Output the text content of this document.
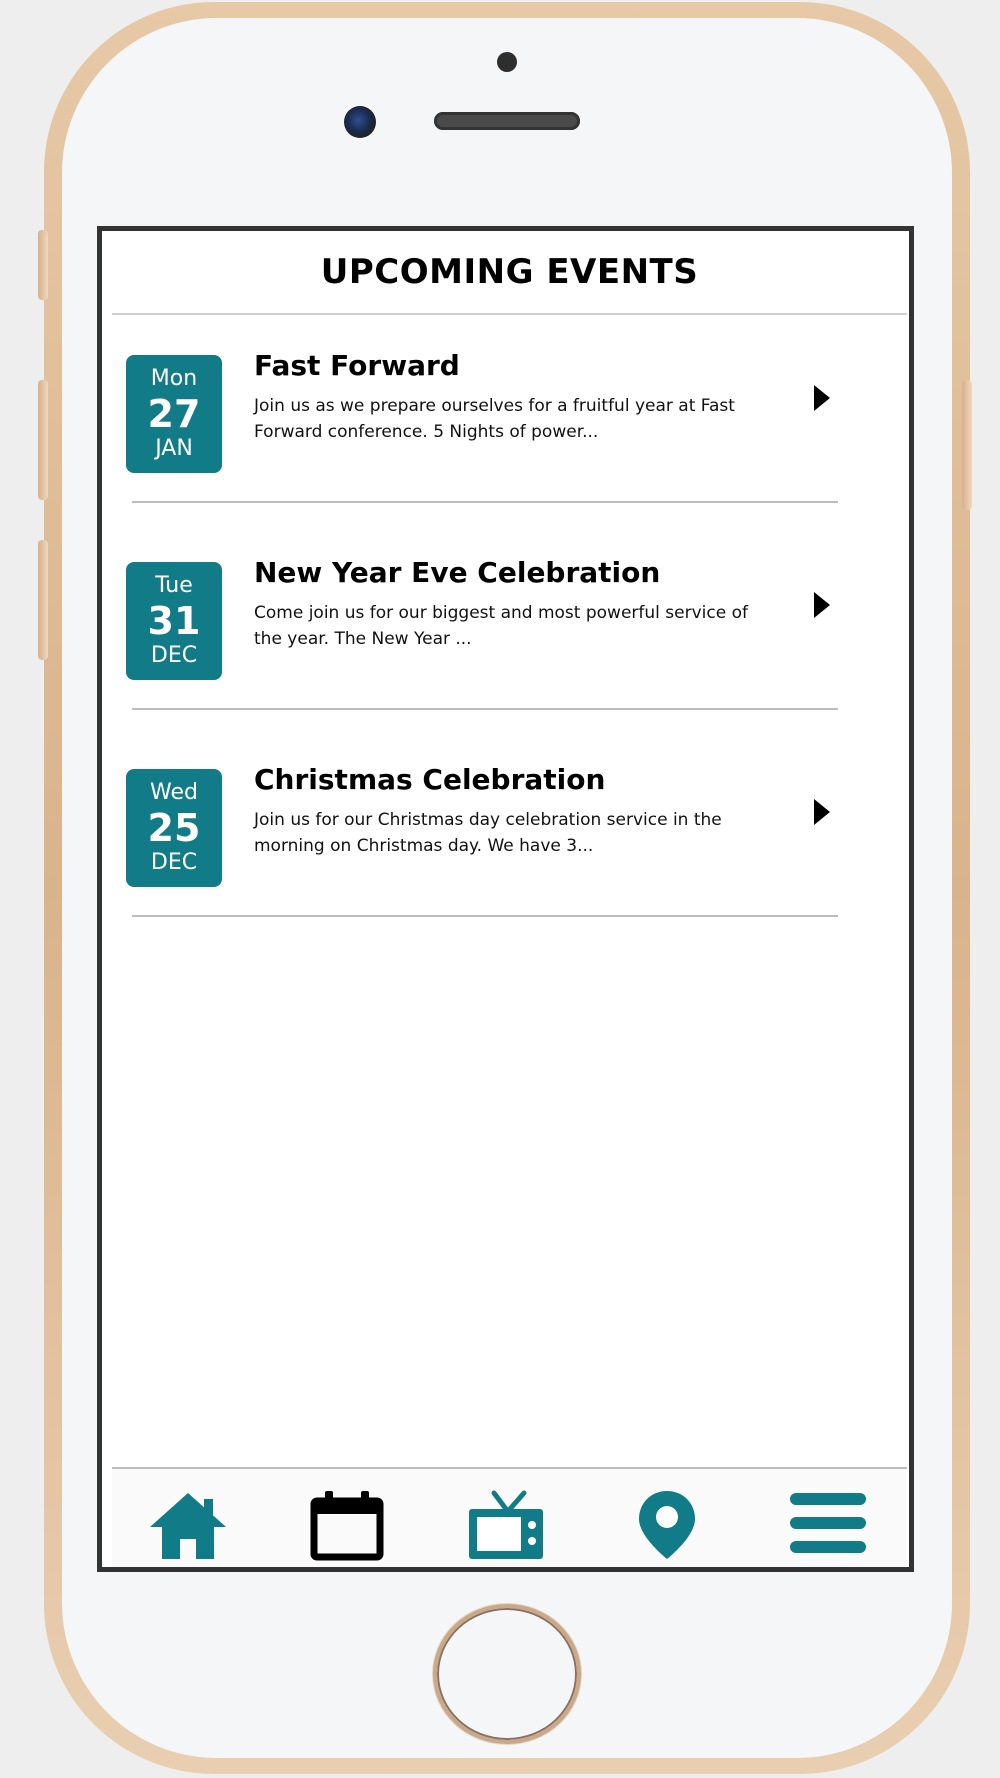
UPCOMING EVENTS
Mon
27
JAN
Fast Forward
Join us as we prepare ourselves for a fruitful year at Fast Forward conference. 5 Nights of power...
Tue
31
DEC
New Year Eve Celebration
Come join us for our biggest and most powerful service of the year. The New Year ...
Wed
25
DEC
Christmas Celebration
Join us for our Christmas day celebration service in the morning on Christmas day. We have 3...
